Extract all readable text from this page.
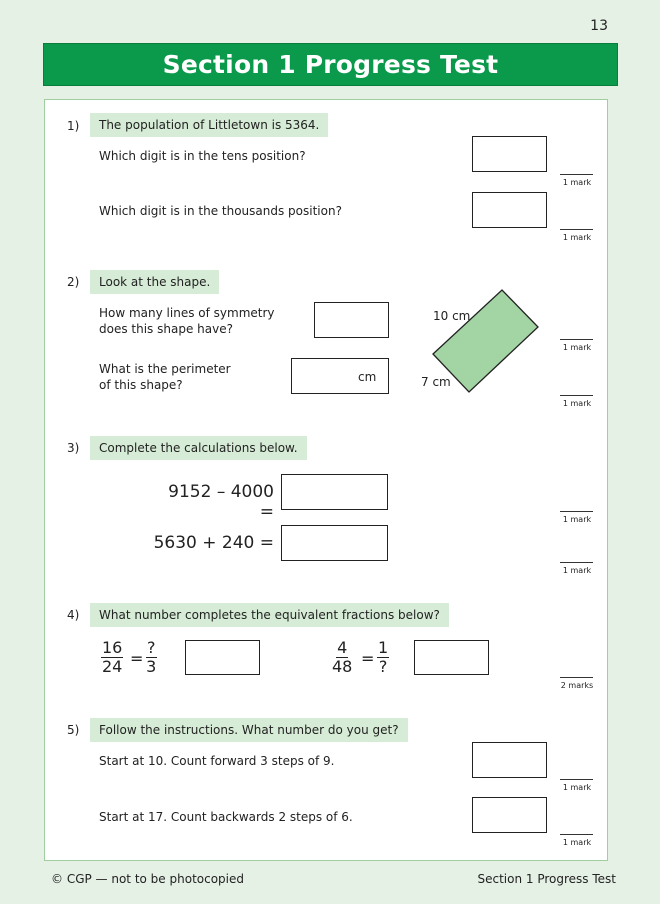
13
Section 1 Progress Test
1)	The population of Littletown is 5364.
Which digit is in the tens position?
1 mark
Which digit is in the thousands position?
1 mark
2)	Look at the shape.
How many lines of symmetry
does this shape have?
What is the perimeter
of this shape?
cm
10 cm
7 cm
1 mark
1 mark
3)	Complete the calculations below.
9152 – 4000 =
5630 + 240 =
1 mark
1 mark
4)	What number completes the equivalent fractions below?
$\frac{16}{24}$ =
?
3	$\frac{4}{48}$ =
1
?
2 marks
5)	Follow the instructions. What number do you get?
Start at 10. Count forward 3 steps of 9.
1 mark
Start at 17. Count backwards 2 steps of 6.
1 mark
© CGP — not to be photocopied	Section 1 Progress Test
